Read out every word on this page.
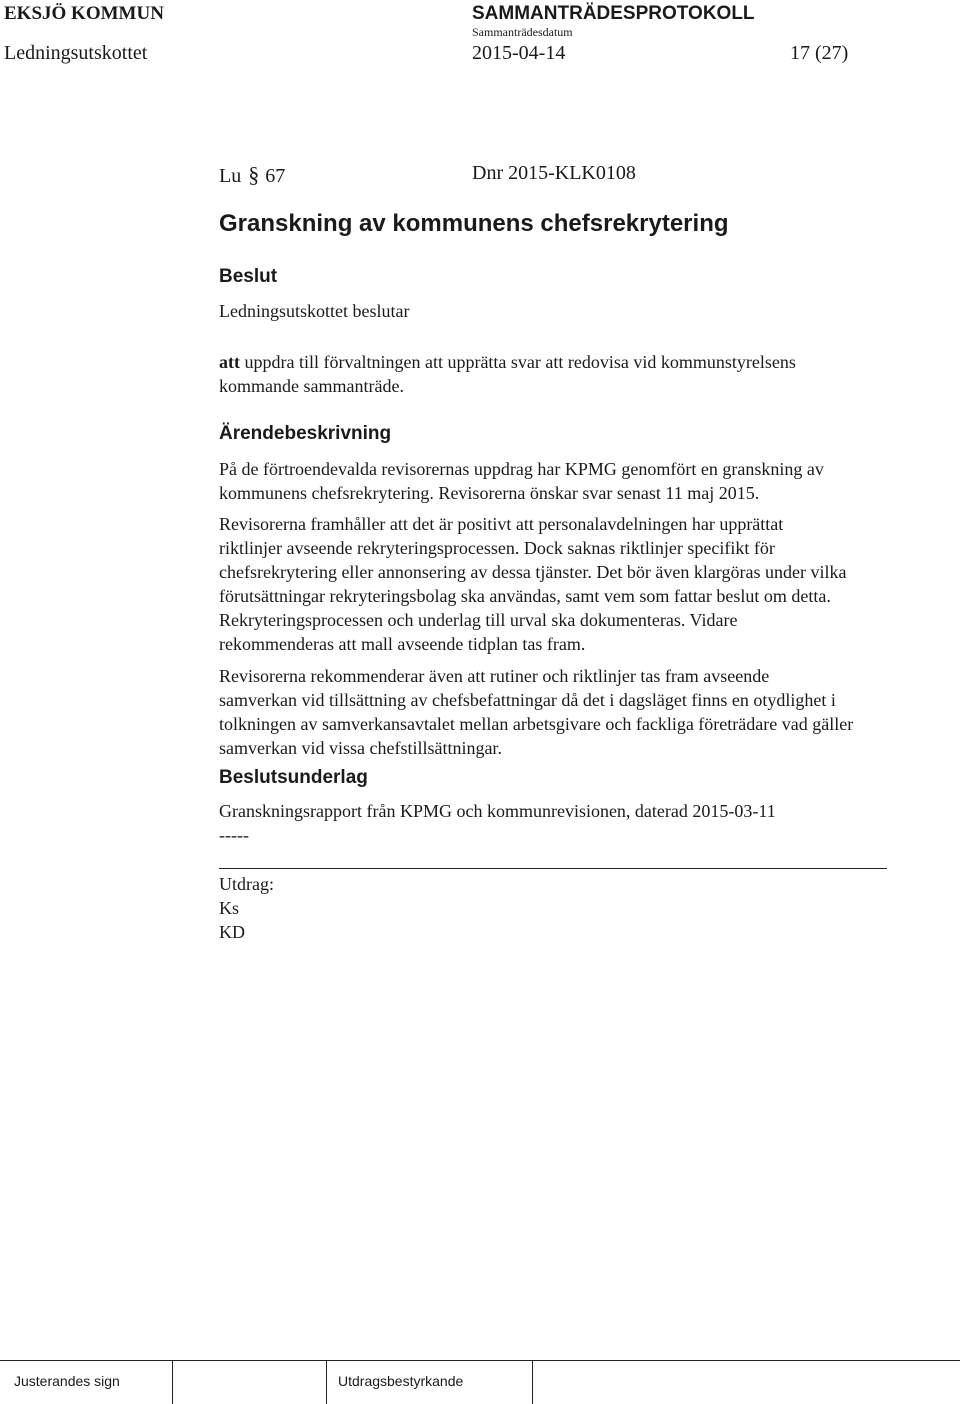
EKSJÖ KOMMUN	SAMMANTRÄDESPROTOKOLL
Sammanträdesdatum
Ledningsutskottet	2015-04-14	17 (27)
Lu § 67	Dnr 2015-KLK0108
Granskning av kommunens chefsrekrytering
Beslut
Ledningsutskottet beslutar
att uppdra till förvaltningen att upprätta svar att redovisa vid kommunstyrelsens
kommande sammanträde.
Ärendebeskrivning
På de förtroendevalda revisorernas uppdrag har KPMG genomfört en granskning av
kommunens chefsrekrytering. Revisorerna önskar svar senast 11 maj 2015.
Revisorerna framhåller att det är positivt att personalavdelningen har upprättat
riktlinjer avseende rekryteringsprocessen. Dock saknas riktlinjer specifikt för
chefsrekrytering eller annonsering av dessa tjänster. Det bör även klargöras under vilka
förutsättningar rekryteringsbolag ska användas, samt vem som fattar beslut om detta.
Rekryteringsprocessen och underlag till urval ska dokumenteras. Vidare
rekommenderas att mall avseende tidplan tas fram.
Revisorerna rekommenderar även att rutiner och riktlinjer tas fram avseende
samverkan vid tillsättning av chefsbefattningar då det i dagsläget finns en otydlighet i
tolkningen av samverkansavtalet mellan arbetsgivare och fackliga företrädare vad gäller
samverkan vid vissa chefstillsättningar.
Beslutsunderlag
Granskningsrapport från KPMG och kommunrevisionen, daterad 2015-03-11
-----
Utdrag:
Ks
KD
Justerandes sign	Utdragsbestyrkande
